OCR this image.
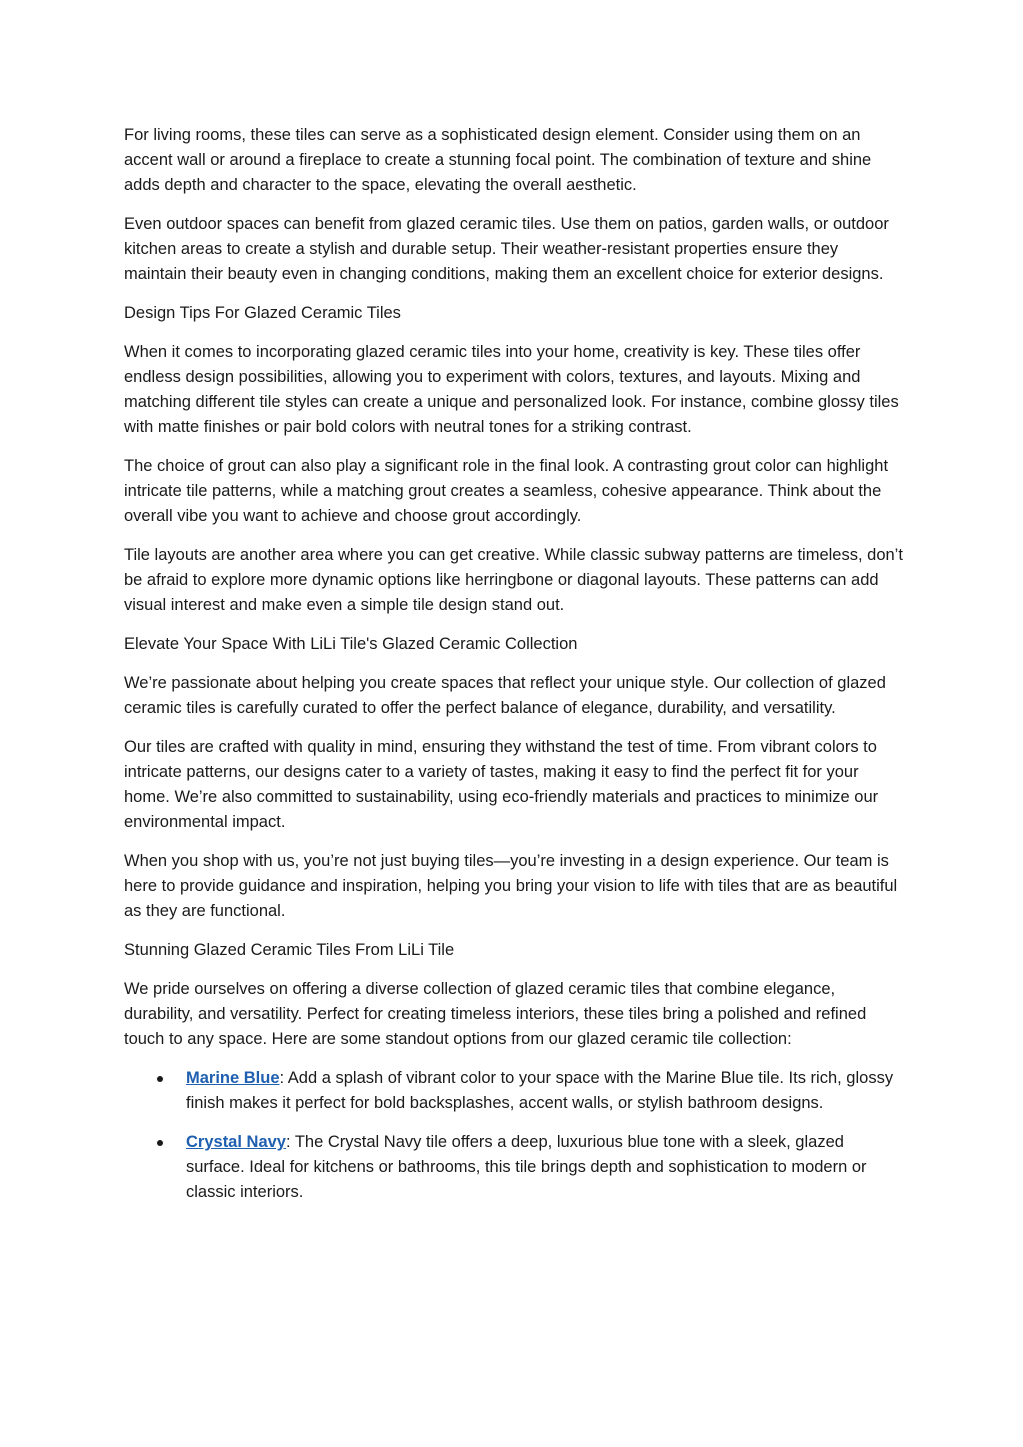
For living rooms, these tiles can serve as a sophisticated design element. Consider using them on an accent wall or around a fireplace to create a stunning focal point. The combination of texture and shine adds depth and character to the space, elevating the overall aesthetic.

Even outdoor spaces can benefit from glazed ceramic tiles. Use them on patios, garden walls, or outdoor kitchen areas to create a stylish and durable setup. Their weather-resistant properties ensure they maintain their beauty even in changing conditions, making them an excellent choice for exterior designs.

Design Tips For Glazed Ceramic Tiles

When it comes to incorporating glazed ceramic tiles into your home, creativity is key. These tiles offer endless design possibilities, allowing you to experiment with colors, textures, and layouts. Mixing and matching different tile styles can create a unique and personalized look. For instance, combine glossy tiles with matte finishes or pair bold colors with neutral tones for a striking contrast.

The choice of grout can also play a significant role in the final look. A contrasting grout color can highlight intricate tile patterns, while a matching grout creates a seamless, cohesive appearance. Think about the overall vibe you want to achieve and choose grout accordingly.

Tile layouts are another area where you can get creative. While classic subway patterns are timeless, don’t be afraid to explore more dynamic options like herringbone or diagonal layouts. These patterns can add visual interest and make even a simple tile design stand out.

Elevate Your Space With LiLi Tile's Glazed Ceramic Collection

We’re passionate about helping you create spaces that reflect your unique style. Our collection of glazed ceramic tiles is carefully curated to offer the perfect balance of elegance, durability, and versatility.

Our tiles are crafted with quality in mind, ensuring they withstand the test of time. From vibrant colors to intricate patterns, our designs cater to a variety of tastes, making it easy to find the perfect fit for your home. We’re also committed to sustainability, using eco-friendly materials and practices to minimize our environmental impact.

When you shop with us, you’re not just buying tiles—you’re investing in a design experience. Our team is here to provide guidance and inspiration, helping you bring your vision to life with tiles that are as beautiful as they are functional.

Stunning Glazed Ceramic Tiles From LiLi Tile

We pride ourselves on offering a diverse collection of glazed ceramic tiles that combine elegance, durability, and versatility. Perfect for creating timeless interiors, these tiles bring a polished and refined touch to any space. Here are some standout options from our glazed ceramic tile collection:

Marine Blue: Add a splash of vibrant color to your space with the Marine Blue tile. Its rich, glossy finish makes it perfect for bold backsplashes, accent walls, or stylish bathroom designs.
Crystal Navy: The Crystal Navy tile offers a deep, luxurious blue tone with a sleek, glazed surface. Ideal for kitchens or bathrooms, this tile brings depth and sophistication to modern or classic interiors.
